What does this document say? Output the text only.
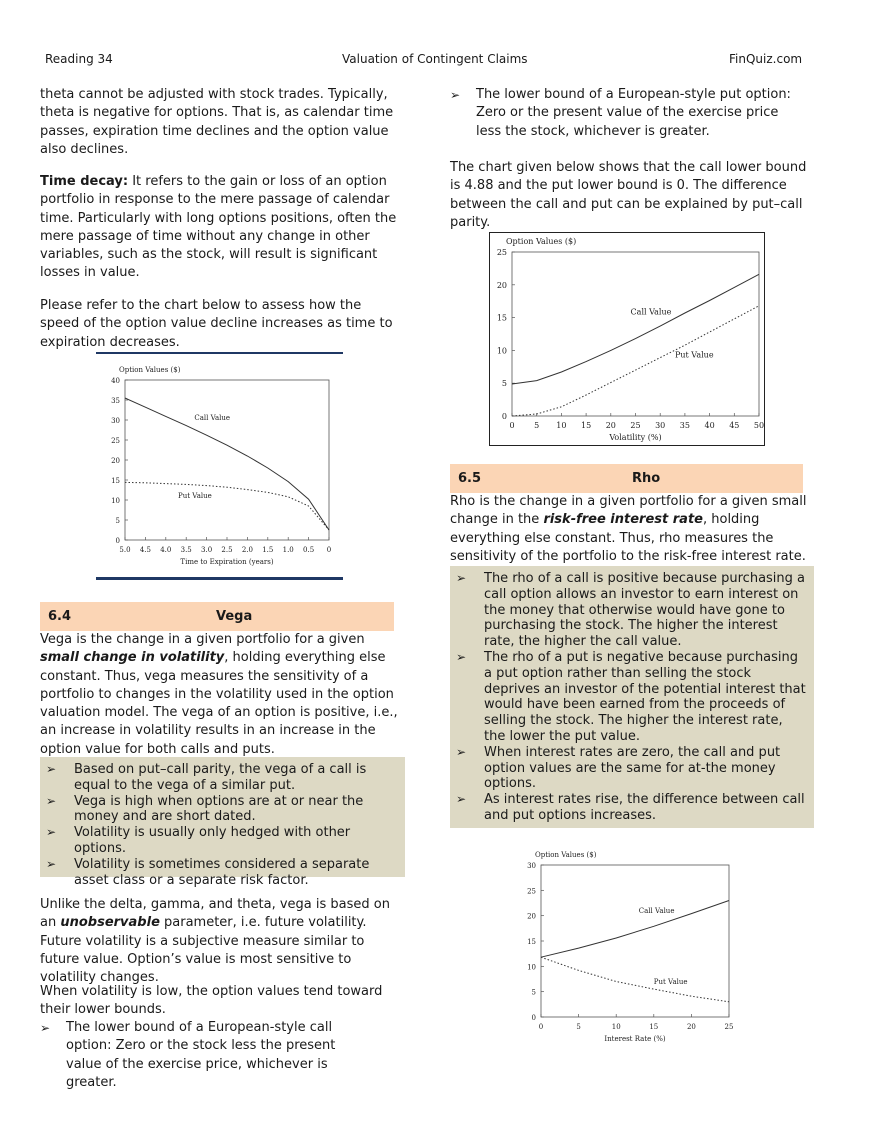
Reading 34	Valuation of Contingent Claims	FinQuiz.com

theta cannot be adjusted with stock trades. Typically, theta is negative for options. That is, as calendar time passes, expiration time declines and the option value also declines.

Time decay: It refers to the gain or loss of an option portfolio in response to the mere passage of calendar time. Particularly with long options positions, often the mere passage of time without any change in other variables, such as the stock, will result is significant losses in value.

Please refer to the chart below to assess how the speed of the option value decline increases as time to expiration decreases.

0
5
10
15
20
25
30
35
40
5.0 4.5 4.0 3.5 3.0 2.5 2.0 1.5 1.0 0.5 0
Option Values ($)
Time to Expiration (years)
Call Value
Put Value
6.4	Vega

Vega is the change in a given portfolio for a given small change in volatility, holding everything else constant. Thus, vega measures the sensitivity of a portfolio to changes in the volatility used in the option valuation model. The vega of an option is positive, i.e., an increase in volatility results in an increase in the option value for both calls and puts.

➢ Based on put–call parity, the vega of a call is equal to the vega of a similar put.
➢ Vega is high when options are at or near the money and are short dated.
➢ Volatility is usually only hedged with other options.
➢ Volatility is sometimes considered a separate asset class or a separate risk factor.

Unlike the delta, gamma, and theta, vega is based on an unobservable parameter, i.e. future volatility. Future volatility is a subjective measure similar to future value. Option’s value is most sensitive to volatility changes.

When volatility is low, the option values tend toward their lower bounds.

➢ The lower bound of a European-style call option: Zero or the stock less the present value of the exercise price, whichever is greater.
➢ The lower bound of a European-style put option: Zero or the present value of the exercise price less the stock, whichever is greater.

The chart given below shows that the call lower bound is 4.88 and the put lower bound is 0. The difference between the call and put can be explained by put–call parity.

0
5
10
15
20
25
0 5 10 15 20 25 30 35 40 45 50
Option Values ($)
Volatility (%)
Call Value
Put Value
6.5	Rho

Rho is the change in a given portfolio for a given small change in the risk-free interest rate, holding everything else constant. Thus, rho measures the sensitivity of the portfolio to the risk-free interest rate.

➢ The rho of a call is positive because purchasing a call option allows an investor to earn interest on the money that otherwise would have gone to purchasing the stock. The higher the interest rate, the higher the call value.
➢ The rho of a put is negative because purchasing a put option rather than selling the stock deprives an investor of the potential interest that would have been earned from the proceeds of selling the stock. The higher the interest rate, the lower the put value.
➢ When interest rates are zero, the call and put option values are the same for at-the money options.
➢ As interest rates rise, the difference between call and put options increases.
0
5
10
15
20
25
30
0	5	10	15	20	25
Option Values ($)
Interest Rate (%)
Call Value
Put Value
